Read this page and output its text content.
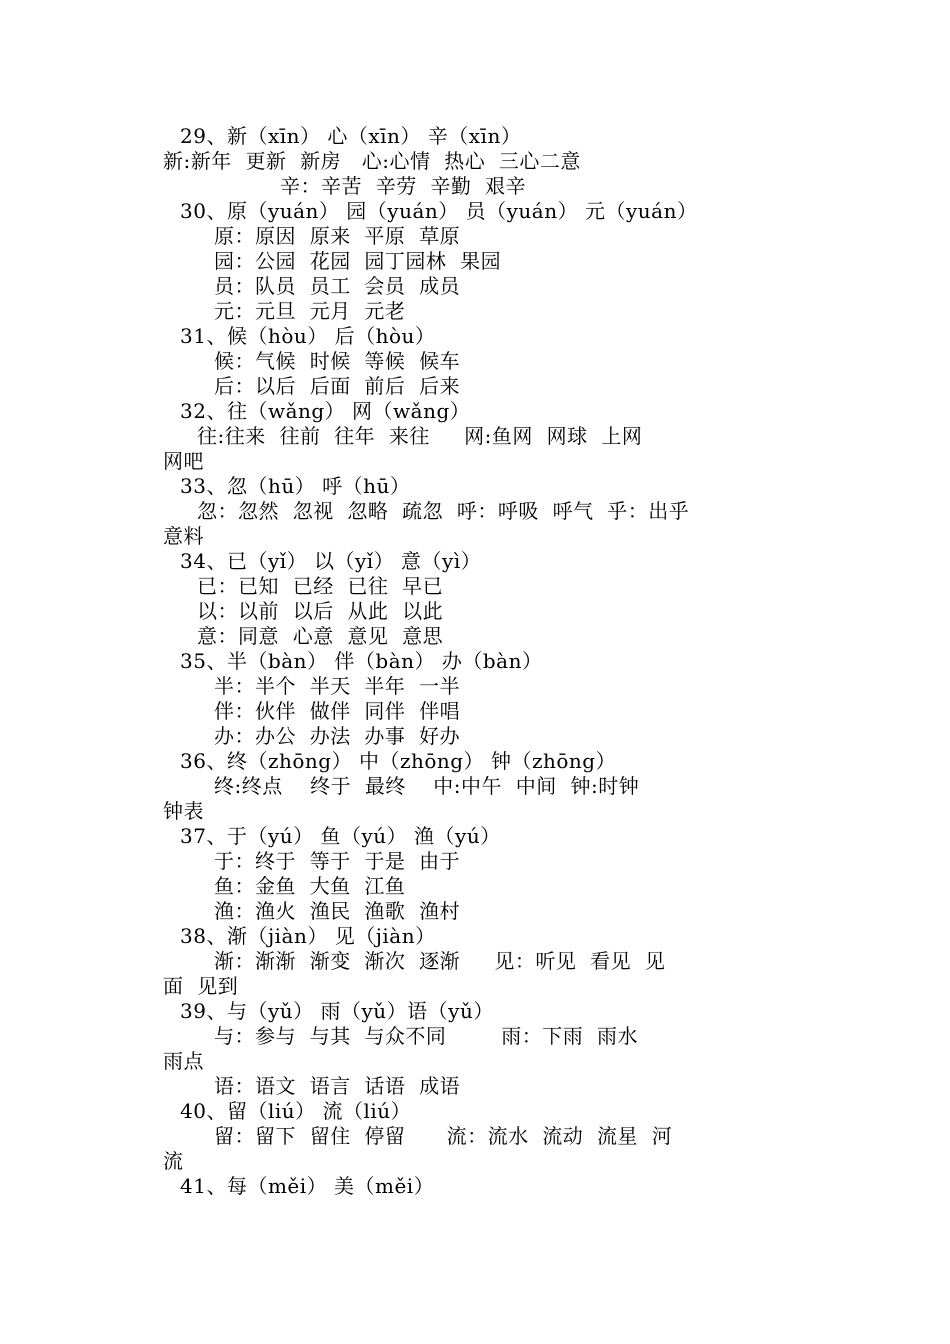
29、新（xīn） 心（xīn） 辛（xīn）
新:新年  更新  新房   心:心情  热心  三心二意
辛：辛苦  辛劳  辛勤  艰辛
30、原（yuán） 园（yuán） 员（yuán） 元（yuán）
原：原因  原来  平原  草原
园：公园  花园  园丁园林  果园
员：队员  员工  会员  成员
元：元旦  元月  元老
31、候（hòu） 后（hòu）
候：气候  时候  等候  候车
后：以后  后面  前后  后来
32、往（wǎng） 网（wǎng）
往:往来  往前  往年  来往     网:鱼网  网球  上网
网吧
33、忽（hū） 呼（hū）
忽：忽然  忽视  忽略  疏忽  呼：呼吸  呼气  乎：出乎
意料
34、已（yǐ） 以（yǐ） 意（yì）
已：已知  已经  已往  早已
以：以前  以后  从此  以此
意：同意  心意  意见  意思
35、半（bàn） 伴（bàn） 办（bàn）
半：半个  半天  半年  一半
伴：伙伴  做伴  同伴  伴唱
办：办公  办法  办事  好办
36、终（zhōng） 中（zhōng） 钟（zhōng）
终:终点    终于  最终    中:中午  中间  钟:时钟
钟表
37、于（yú） 鱼（yú） 渔（yú）
于：终于  等于  于是  由于
鱼：金鱼  大鱼  江鱼
渔：渔火  渔民  渔歌  渔村
38、渐（jiàn） 见（jiàn）
渐：渐渐  渐变  渐次  逐渐     见：听见  看见  见
面  见到
39、与（yǔ） 雨（yǔ）语（yǔ）
与：参与  与其  与众不同        雨：下雨  雨水
雨点
语：语文  语言  话语  成语
40、留（liú） 流（liú）
留：留下  留住  停留      流：流水  流动  流星  河
流
41、每（měi） 美（měi）
